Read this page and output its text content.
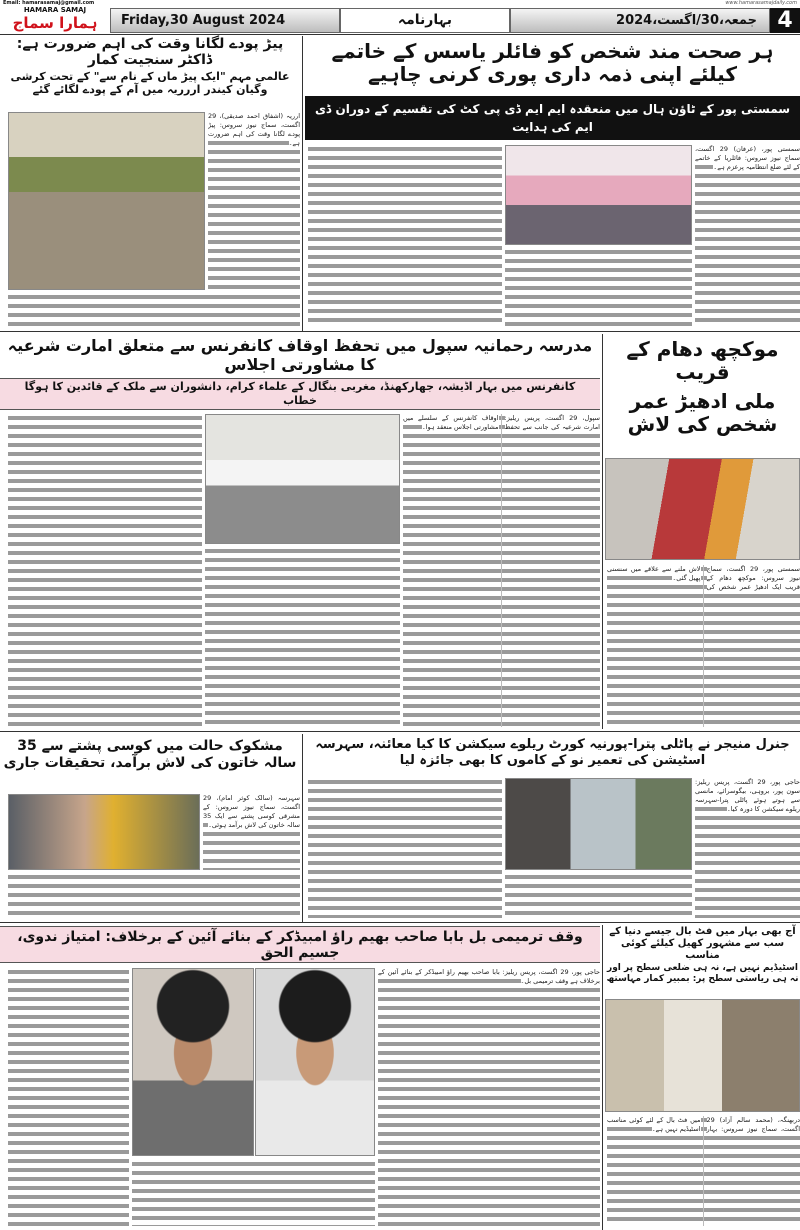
Email: hamarasamaj@gmail.com	www.hamarasamajdaily.com
HAMARA SAMAJ
ہمارا سماج	Friday,30 August 2024	بہارنامہ	جمعہ،30/اگست،2024 4
پیڑ پودے لگانا وقت کی اہم ضرورت ہے: ڈاکٹر سنجیت کمار
عالمی مہم "ایک پیڑ ماں کے نام سے" کے تحت کرشی وگیان کیندر اررریہ میں آم کے پودے لگائے گئے
ارریہ (اشفاق احمد صدیقی)، 29 اگست، سماج نیوز سروس: پیڑ پودے لگانا وقت کی اہم ضرورت ہے۔
ہر صحت مند شخص کو فائلر یاسس کے خاتمے کیلئے اپنی ذمہ داری پوری کرنی چاہیے
سمستی پور کے ٹاؤن ہال میں منعقدہ ایم ایم ڈی پی کٹ کی تقسیم کے دوران ڈی ایم کی ہدایت
سمستی پور، (عرفان) 29 اگست، سماج نیوز سروس: فائلریا کے خاتمے کے لئے ضلع انتظامیہ پرعزم ہے۔
مدرسہ رحمانیہ سپول میں تحفظ اوقاف کانفرنس سے متعلق امارت شرعیہ کا مشاورتی اجلاس
کانفرنس میں بہار اڈیشہ، جھارکھنڈ، مغربی بنگال کے علماء کرام، دانشوران سے ملک کے قائدین کا ہوگا خطاب
سپول، 29 اگست، پریس ریلیز: امارت شرعیہ کی جانب سے تحفظ اوقاف کانفرنس کے سلسلے میں مشاورتی اجلاس منعقد ہوا۔
موکچھ دھام کے قریب
ملی ادھیڑ عمر شخص کی لاش
سمستی پور، 29 اگست، سماج نیوز سروس: موکچھ دھام کے قریب ایک ادھیڑ عمر شخص کی لاش ملنے سے علاقے میں سنسنی پھیل گئی۔
مشکوک حالت میں کوسی پشتے سے 35 سالہ خاتون کی لاش برآمد، تحقیقات جاری
سہرسہ (سالک کوثر امام)، 29 اگست، سماج نیوز سروس: کے مشرقی کوسی پشتے سے ایک 35 سالہ خاتون کی لاش برآمد ہوئی۔
جنرل منیجر نے پاٹلی پترا-پورنیہ کورٹ ریلوے سیکشن کا کیا معائنہ، سہرسہ اسٹیشن کی تعمیر نو کے کاموں کا بھی جائزہ لیا
حاجی پور، 29 اگست، پریس ریلیز: سون پور، بروہی، بیگوسرائے، مانسی سے ہوتے ہوئے پاٹلی پترا-سہرسہ ریلوے سیکشن کا دورہ کیا۔
وقف ترمیمی بل بابا صاحب بھیم راؤ امبیڈکر کے بنائے آئین کے برخلاف: امتیاز ندوی، جسیم الحق
حاجی پور، 29 اگست، پریس ریلیز: بابا صاحب بھیم راؤ امبیڈکر کے بنائے آئین کے برخلاف ہے وقف ترمیمی بل۔
آج بھی بہار میں فٹ بال جیسے دنیا کے سب سے مشہور کھیل کیلئے کوئی مناسب
اسٹیڈیم نہیں ہے، نہ ہی ضلعی سطح پر اور نہ ہی ریاستی سطح پر: بمبیر کمار مہاستھ
دربھنگہ، (محمد سالم آزاد) 29 اگست، سماج نیوز سروس: بہار میں فٹ بال کے لئے کوئی مناسب اسٹیڈیم نہیں ہے۔
